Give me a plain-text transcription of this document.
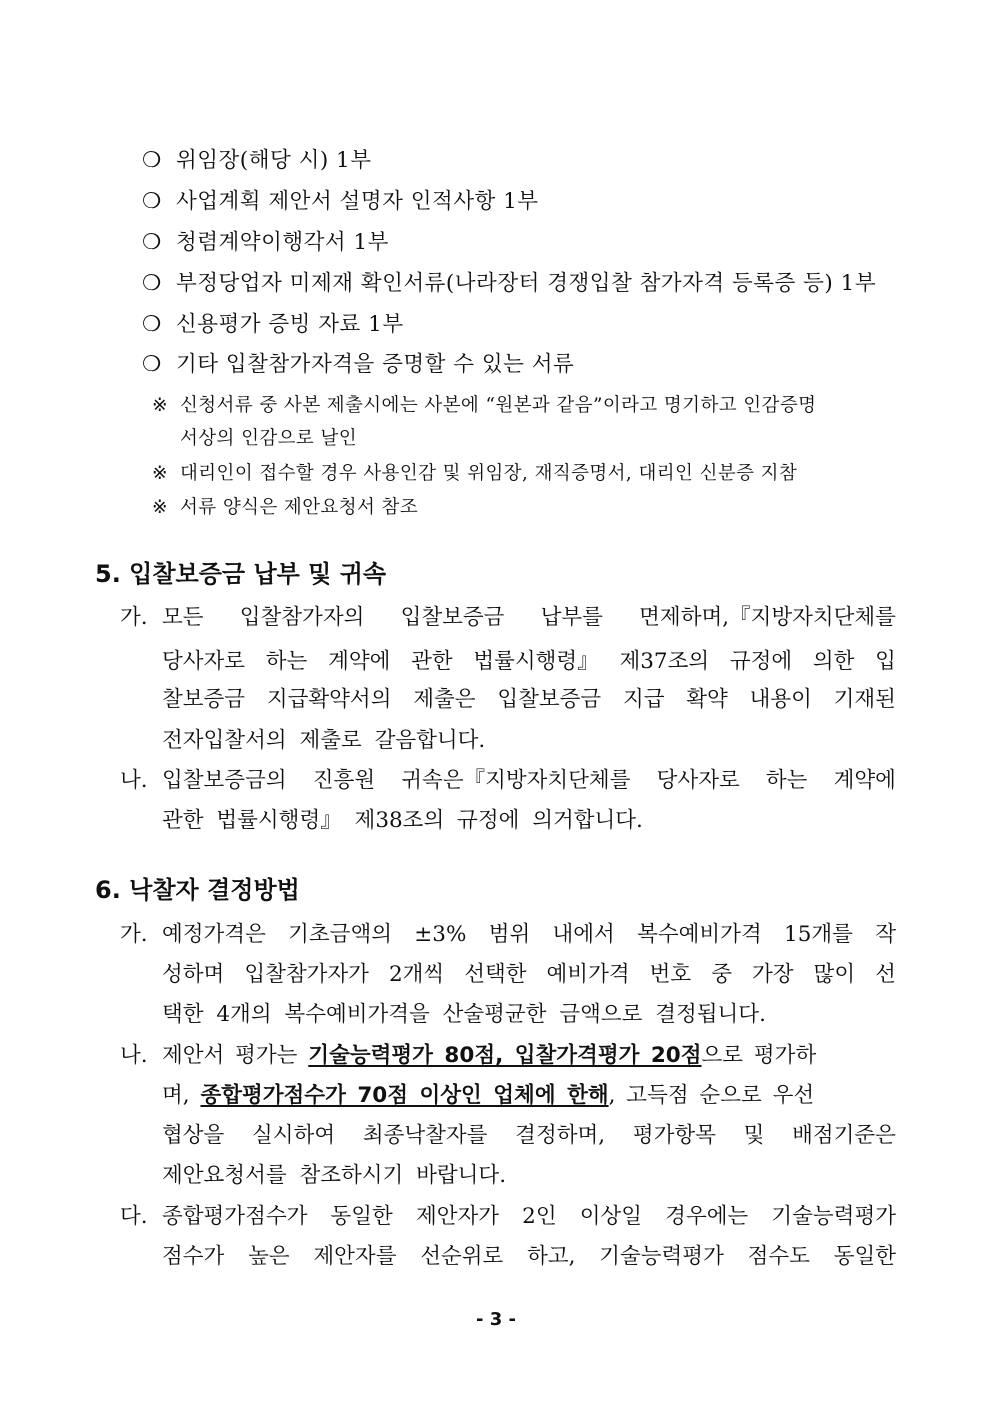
❍ 위임장(해당 시) 1부
❍ 사업계획 제안서 설명자 인적사항 1부
❍ 청렴계약이행각서 1부
❍ 부정당업자 미제재 확인서류(나라장터 경쟁입찰 참가자격 등록증 등) 1부
❍ 신용평가 증빙 자료 1부
❍ 기타 입찰참가자격을 증명할 수 있는 서류
※ 신청서류 중 사본 제출시에는 사본에 “원본과 같음”이라고 명기하고 인감증명
서상의 인감으로 날인
※ 대리인이 접수할 경우 사용인감 및 위임장, 재직증명서, 대리인 신분증 지참
※ 서류 양식은 제안요청서 참조
5. 입찰보증금 납부 및 귀속
가. 모든 입찰참가자의 입찰보증금 납부를 면제하며,『지방자치단체를
당사자로 하는 계약에 관한 법률시행령』 제37조의 규정에 의한 입
찰보증금 지급확약서의 제출은 입찰보증금 지급 확약 내용이 기재된
전자입찰서의 제출로 갈음합니다.
나. 입찰보증금의 진흥원 귀속은『지방자치단체를 당사자로 하는 계약에
관한 법률시행령』 제38조의 규정에 의거합니다.
6. 낙찰자 결정방법
가. 예정가격은 기초금액의 ±3% 범위 내에서 복수예비가격 15개를 작
성하며 입찰참가자가 2개씩 선택한 예비가격 번호 중 가장 많이 선
택한 4개의 복수예비가격을 산술평균한 금액으로 결정됩니다.
나. 제안서 평가는
기술능력평가 80점, 입찰가격평가 20점 으로 평가하
며,
종합평가점수가 70점 이상인 업체에 한해 , 고득점 순으로 우선
협상을 실시하여 최종낙찰자를 결정하며, 평가항목 및 배점기준은
제안요청서를 참조하시기 바랍니다.
다. 종합평가점수가 동일한 제안자가 2인 이상일 경우에는 기술능력평가
점수가 높은 제안자를 선순위로 하고, 기술능력평가 점수도 동일한
- 3 -
